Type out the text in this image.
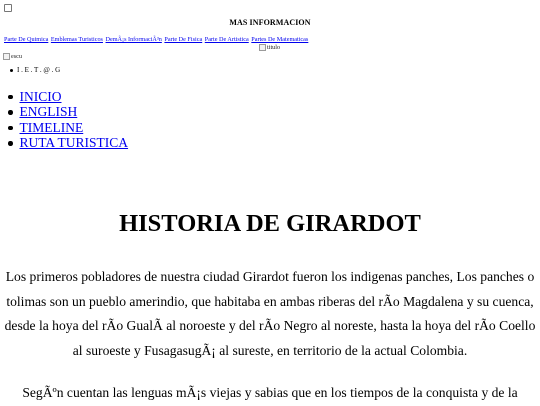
MAS INFORMACION
Parte De Quimica Emblemas Turisticos DemÃ¡s InformaciÃ³n Parte De Fisica Parte De Artistica Partes De Matematicas
titulo
escu
I . E . T . @ . G
INICIO
ENGLISH
TIMELINE
RUTA TURISTICA
HISTORIA DE GIRARDOT
Los primeros pobladores de nuestra ciudad Girardot fueron los indigenas panches, Los panches o
tolimas son un pueblo amerindio, que habitaba en ambas riberas del rÃo Magdalena y su cuenca,
desde la hoya del rÃo GualÃ al noroeste y del rÃo Negro al noreste, hasta la hoya del rÃo Coello
al suroeste y FusagasugÃ¡ al sureste, en territorio de la actual Colombia.
SegÃºn cuentan las lenguas mÃ¡s viejas y sabias que en los tiempos de la conquista y de la
